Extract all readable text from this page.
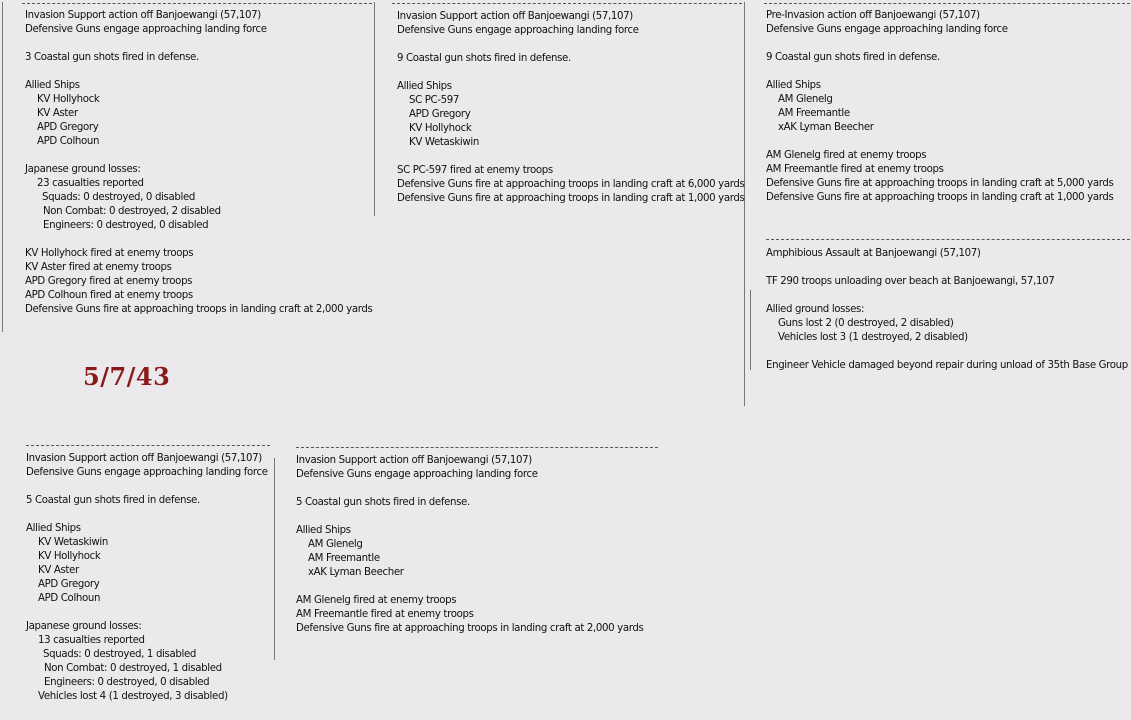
Invasion Support action off Banjoewangi (57,107)
Defensive Guns engage approaching landing force
3 Coastal gun shots fired in defense.
Allied Ships
KV Hollyhock
KV Aster
APD Gregory
APD Colhoun
Japanese ground losses:
23 casualties reported
Squads: 0 destroyed, 0 disabled
Non Combat: 0 destroyed, 2 disabled
Engineers: 0 destroyed, 0 disabled
KV Hollyhock fired at enemy troops
KV Aster fired at enemy troops
APD Gregory fired at enemy troops
APD Colhoun fired at enemy troops
Defensive Guns fire at approaching troops in landing craft at 2,000 yards
Invasion Support action off Banjoewangi (57,107)
Defensive Guns engage approaching landing force
9 Coastal gun shots fired in defense.
Allied Ships
SC PC-597
APD Gregory
KV Hollyhock
KV Wetaskiwin
SC PC-597 fired at enemy troops
Defensive Guns fire at approaching troops in landing craft at 6,000 yards
Defensive Guns fire at approaching troops in landing craft at 1,000 yards
Pre-Invasion action off Banjoewangi (57,107)
Defensive Guns engage approaching landing force
9 Coastal gun shots fired in defense.
Allied Ships
AM Glenelg
AM Freemantle
xAK Lyman Beecher
AM Glenelg fired at enemy troops
AM Freemantle fired at enemy troops
Defensive Guns fire at approaching troops in landing craft at 5,000 yards
Defensive Guns fire at approaching troops in landing craft at 1,000 yards
Amphibious Assault at Banjoewangi (57,107)
TF 290 troops unloading over beach at Banjoewangi, 57,107
Allied ground losses:
Guns lost 2 (0 destroyed, 2 disabled)
Vehicles lost 3 (1 destroyed, 2 disabled)
Engineer Vehicle damaged beyond repair during unload of 35th Base Group
5/7/43
Invasion Support action off Banjoewangi (57,107)
Defensive Guns engage approaching landing force
5 Coastal gun shots fired in defense.
Allied Ships
KV Wetaskiwin
KV Hollyhock
KV Aster
APD Gregory
APD Colhoun
Japanese ground losses:
13 casualties reported
Squads: 0 destroyed, 1 disabled
Non Combat: 0 destroyed, 1 disabled
Engineers: 0 destroyed, 0 disabled
Vehicles lost 4 (1 destroyed, 3 disabled)
Invasion Support action off Banjoewangi (57,107)
Defensive Guns engage approaching landing force
5 Coastal gun shots fired in defense.
Allied Ships
AM Glenelg
AM Freemantle
xAK Lyman Beecher
AM Glenelg fired at enemy troops
AM Freemantle fired at enemy troops
Defensive Guns fire at approaching troops in landing craft at 2,000 yards
